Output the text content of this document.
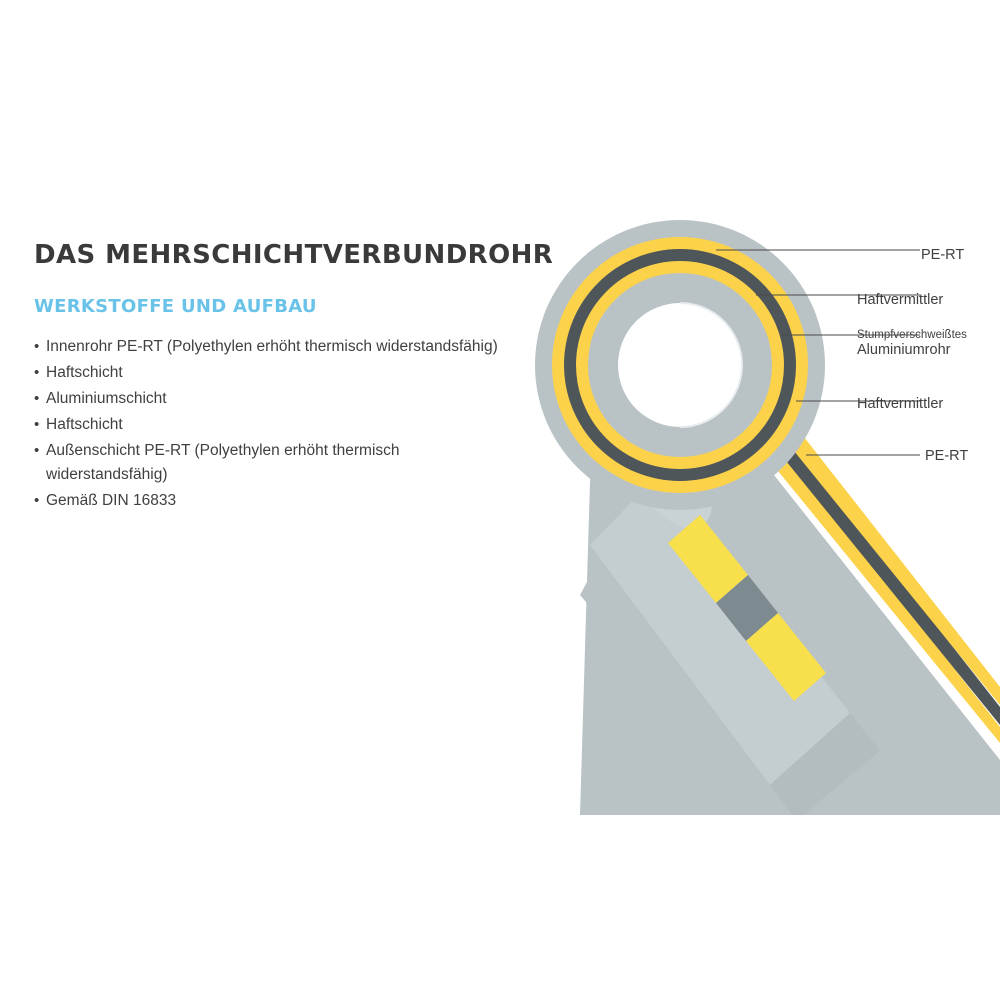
DAS MEHRSCHICHTVERBUNDROHR
WERKSTOFFE UND AUFBAU
• Innenrohr PE-RT (Polyethylen erhöht thermisch widerstandsfähig)
• Haftschicht
• Aluminiumschicht
• Haftschicht
• Außenschicht PE-RT (Polyethylen erhöht thermisch widerstandsfähig)
• Gemäß DIN 16833
PE-RT
Haftvermittler
Stumpfverschweißtes
Aluminiumrohr
Haftvermittler
PE-RT
